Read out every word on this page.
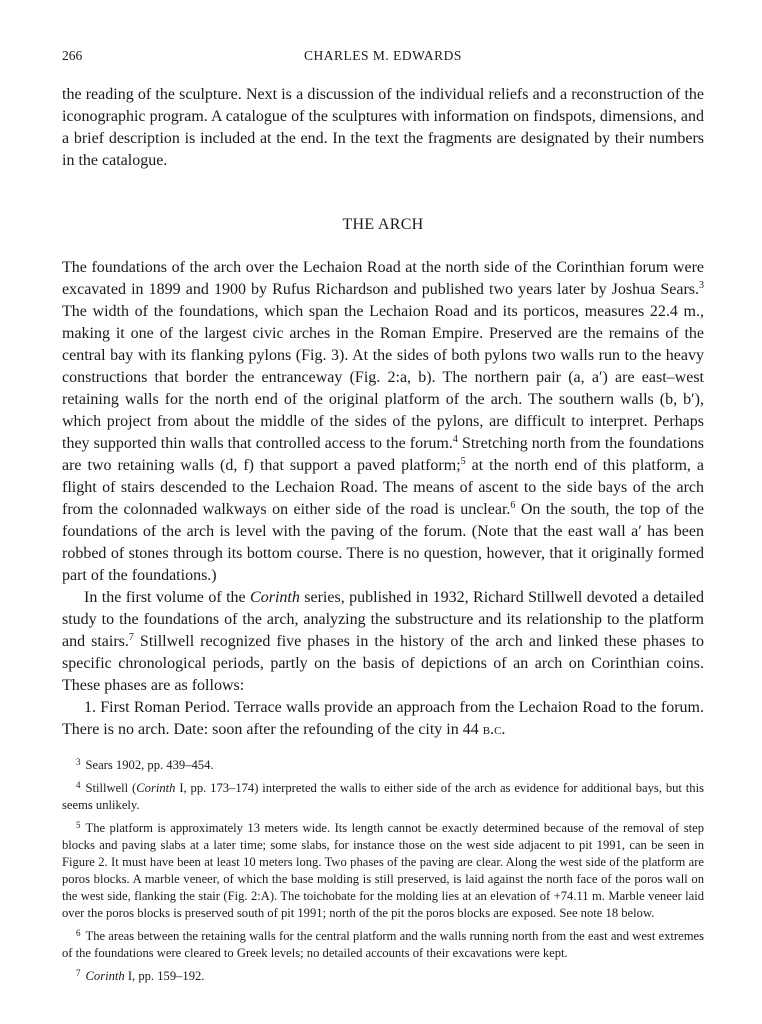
266	CHARLES M. EDWARDS

the reading of the sculpture. Next is a discussion of the individual reliefs and a reconstruction of the iconographic program. A catalogue of the sculptures with information on findspots, dimensions, and a brief description is included at the end. In the text the fragments are designated by their numbers in the catalogue.

THE ARCH

The foundations of the arch over the Lechaion Road at the north side of the Corinthian forum were excavated in 1899 and 1900 by Rufus Richardson and published two years later by Joshua Sears.$^3$ The width of the foundations, which span the Lechaion Road and its porticos, measures 22.4 m., making it one of the largest civic arches in the Roman Empire. Preserved are the remains of the central bay with its flanking pylons (Fig. 3). At the sides of both pylons two walls run to the heavy constructions that border the entranceway (Fig. 2:a, b). The northern pair (a, a′) are east–west retaining walls for the north end of the original platform of the arch. The southern walls (b, b′), which project from about the middle of the sides of the pylons, are difficult to interpret. Perhaps they supported thin walls that controlled access to the forum.$^4$ Stretching north from the foundations are two retaining walls (d, f) that support a paved platform;$^5$ at the north end of this platform, a flight of stairs descended to the Lechaion Road. The means of ascent to the side bays of the arch from the colonnaded walkways on either side of the road is unclear.$^6$ On the south, the top of the foundations of the arch is level with the paving of the forum. (Note that the east wall a′ has been robbed of stones through its bottom course. There is no question, however, that it originally formed part of the foundations.)

In the first volume of the Corinth series, published in 1932, Richard Stillwell devoted a detailed study to the foundations of the arch, analyzing the substructure and its relationship to the platform and stairs.$^7$ Stillwell recognized five phases in the history of the arch and linked these phases to specific chronological periods, partly on the basis of depictions of an arch on Corinthian coins. These phases are as follows:

1. First Roman Period. Terrace walls provide an approach from the Lechaion Road to the forum. There is no arch. Date: soon after the refounding of the city in 44 b.c.

$^3$ Sears 1902, pp. 439–454.

$^4$ Stillwell (Corinth I, pp. 173–174) interpreted the walls to either side of the arch as evidence for additional bays, but this seems unlikely.

$^5$ The platform is approximately 13 meters wide. Its length cannot be exactly determined because of the removal of step blocks and paving slabs at a later time; some slabs, for instance those on the west side adjacent to pit 1991, can be seen in Figure 2. It must have been at least 10 meters long. Two phases of the paving are clear. Along the west side of the platform are poros blocks. A marble veneer, of which the base molding is still preserved, is laid against the north face of the poros wall on the west side, flanking the stair (Fig. 2:A). The toichobate for the molding lies at an elevation of +74.11 m. Marble veneer laid over the poros blocks is preserved south of pit 1991; north of the pit the poros blocks are exposed. See note 18 below.

$^6$ The areas between the retaining walls for the central platform and the walls running north from the east and west extremes of the foundations were cleared to Greek levels; no detailed accounts of their excavations were kept.

$^7$ Corinth I, pp. 159–192.
